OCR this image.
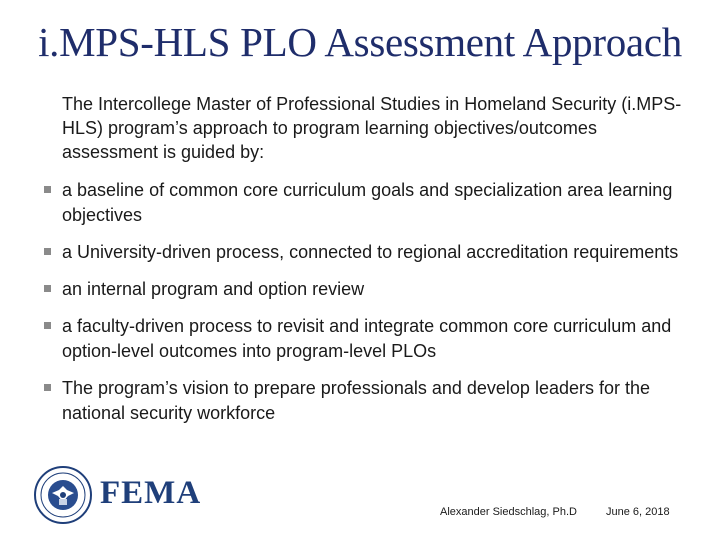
i.MPS-HLS PLO Assessment Approach
The Intercollege Master of Professional Studies in Homeland Security (i.MPS-HLS) program’s approach to program learning objectives/outcomes assessment is guided by:
a baseline of common core curriculum goals and specialization area learning objectives
a University-driven process, connected to regional accreditation requirements
an internal program and option review
a faculty-driven process to revisit and integrate common core curriculum and option-level outcomes into program-level PLOs
The program’s vision to prepare professionals and develop leaders for the national security workforce
FEMA
Alexander Siedschlag, Ph.D	June 6, 2018
